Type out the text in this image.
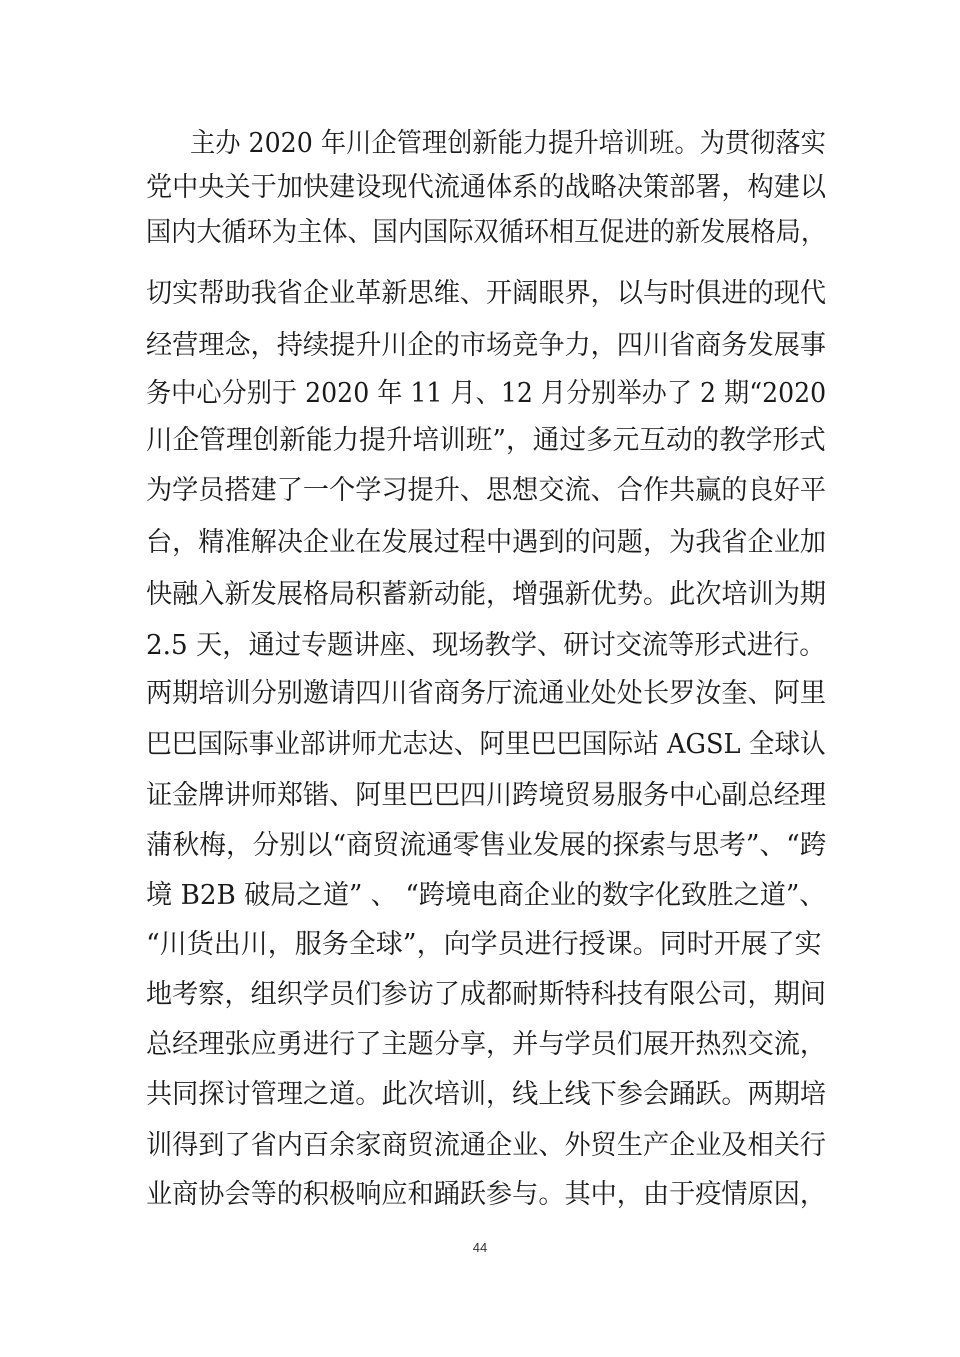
主办 2020 年川企管理创新能力提升培训班。为贯彻落实
党中央关于加快建设现代流通体系的战略决策部署，构建以
国内大循环为主体、国内国际双循环相互促进的新发展格局，
切实帮助我省企业革新思维、开阔眼界，以与时俱进的现代
经营理念，持续提升川企的市场竞争力，四川省商务发展事
务中心分别于 2020 年 11 月、12 月分别举办了 2 期“2020
川企管理创新能力提升培训班”，通过多元互动的教学形式
为学员搭建了一个学习提升、思想交流、合作共赢的良好平
台，精准解决企业在发展过程中遇到的问题，为我省企业加
快融入新发展格局积蓄新动能，增强新优势。此次培训为期
2.5 天，通过专题讲座、现场教学、研讨交流等形式进行。
两期培训分别邀请四川省商务厅流通业处处长罗汝奎、阿里
巴巴国际事业部讲师尤志达、阿里巴巴国际站 AGSL 全球认
证金牌讲师郑锴、阿里巴巴四川跨境贸易服务中心副总经理
蒲秋梅，分别以“商贸流通零售业发展的探索与思考”、“跨
境 B2B 破局之道” 、 “跨境电商企业的数字化致胜之道”、
“川货出川，服务全球”，向学员进行授课。同时开展了实
地考察，组织学员们参访了成都耐斯特科技有限公司，期间
总经理张应勇进行了主题分享，并与学员们展开热烈交流，
共同探讨管理之道。此次培训，线上线下参会踊跃。两期培
训得到了省内百余家商贸流通企业、外贸生产企业及相关行
业商协会等的积极响应和踊跃参与。其中，由于疫情原因，
44
